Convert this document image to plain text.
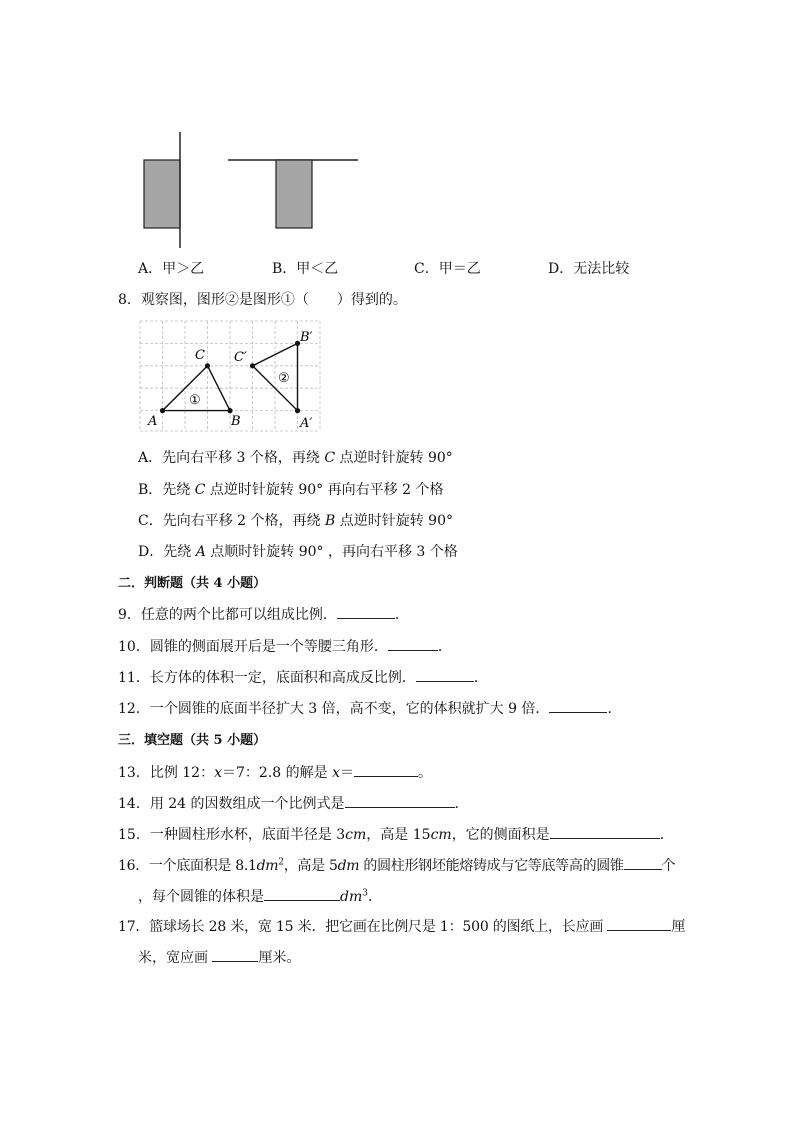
A．甲＞乙	B．甲＜乙	C．甲＝乙	D．无法比较
8．观察图，图形②是图形①（　　）得到的。
A	B
C
A′
B′
C′
①
②
A．先向右平移 3 个格，再绕 C 点逆时针旋转 90°
B．先绕 C 点逆时针旋转 90° 再向右平移 2 个格
C．先向右平移 2 个格，再绕 B 点逆时针旋转 90°
D．先绕 A 点顺时针旋转 90° ，再向右平移 3 个格
二．判断题（共 4 小题）
9．任意的两个比都可以组成比例．	．
10．圆锥的侧面展开后是一个等腰三角形．	．
11．长方体的体积一定，底面积和高成反比例．	．
12．一个圆锥的底面半径扩大 3 倍，高不变，它的体积就扩大 9 倍．	．
三．填空题（共 5 小题）
13．比例 12：x＝7：2.8 的解是 x＝	。
14．用 24 的因数组成一个比例式是	．
15．一种圆柱形水杯，底面半径是 3cm，高是 15cm，它的侧面积是	．
16．一个底面积是 $8.1dm^2$，高是 5dm 的圆柱形钢坯能熔铸成与它等底等高的圆锥	个
，每个圆锥的体积是	$dm^3$．
17．篮球场长 28 米，宽 15 米．把它画在比例尺是 1：500 的图纸上，长应画	厘
米，宽应画	厘米。
